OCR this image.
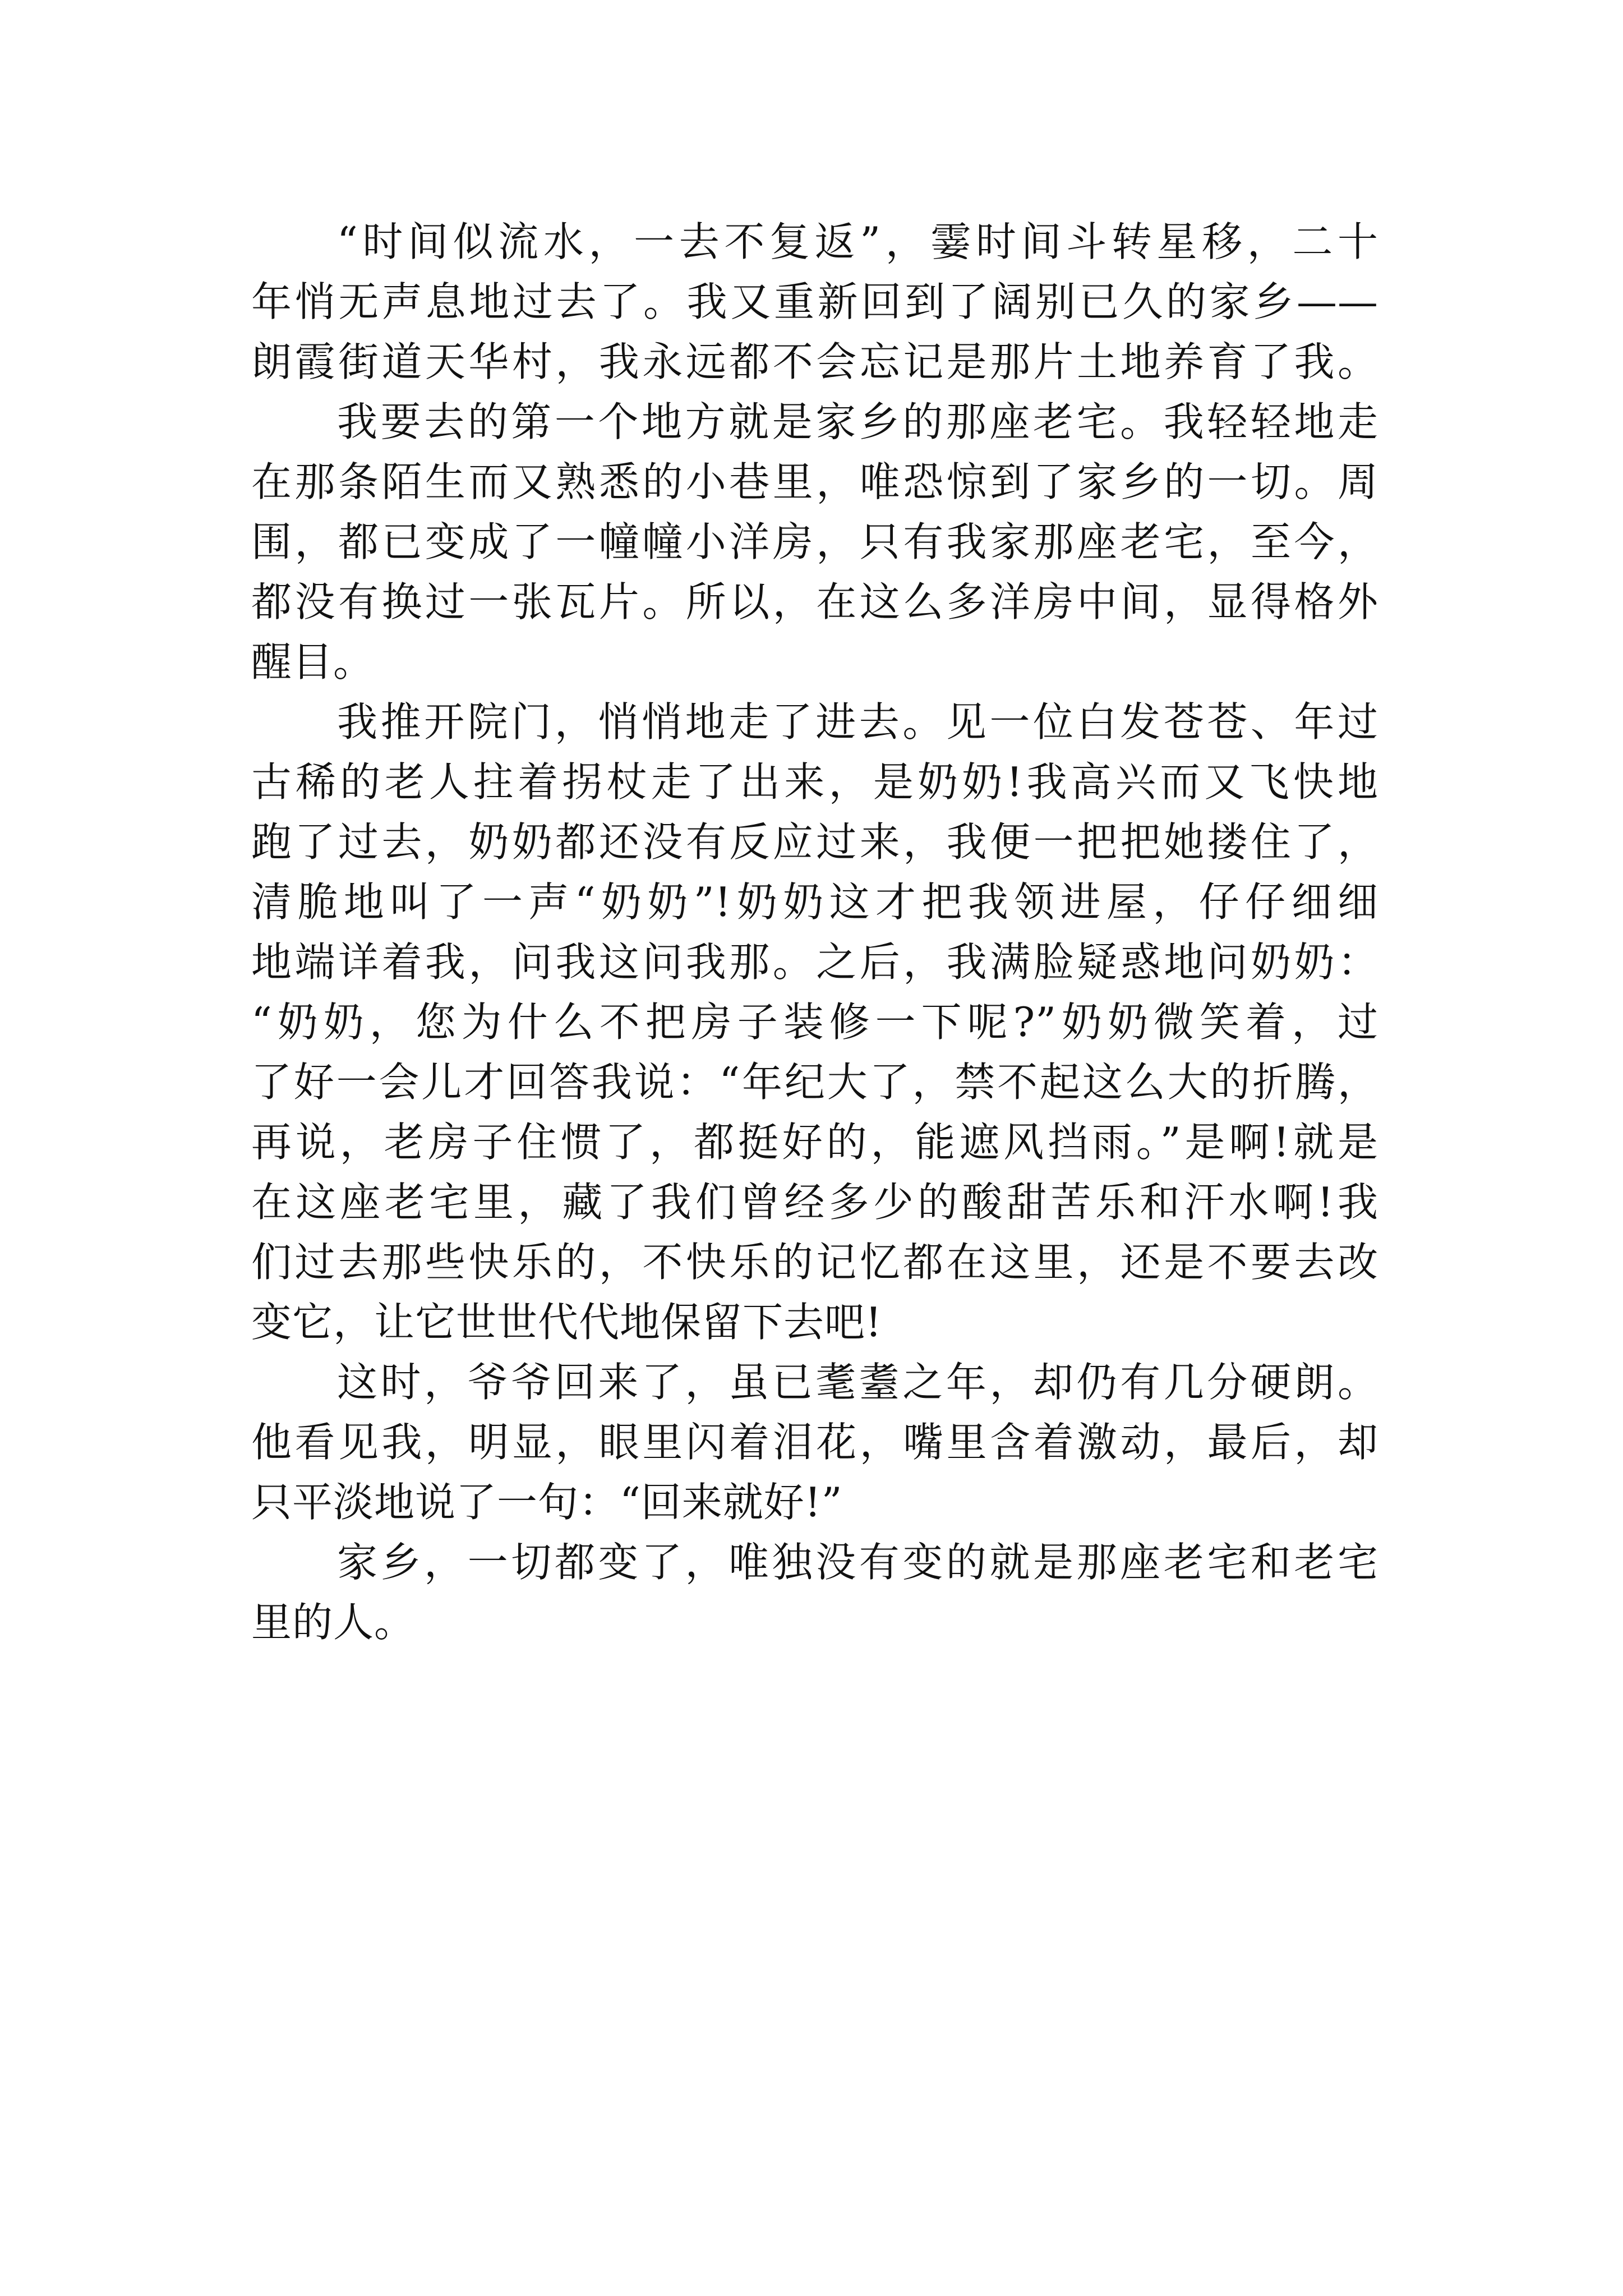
“时间似流水，一去不复返”，霎时间斗转星移，二十
年悄无声息地过去了。我又重新回到了阔别已久的家乡——
朗霞街道天华村，我永远都不会忘记是那片土地养育了我。
我要去的第一个地方就是家乡的那座老宅。我轻轻地走
在那条陌生而又熟悉的小巷里，唯恐惊到了家乡的一切。周
围，都已变成了一幢幢小洋房，只有我家那座老宅，至今，
都没有换过一张瓦片。所以，在这么多洋房中间，显得格外
醒目。
我推开院门，悄悄地走了进去。见一位白发苍苍、年过
古稀的老人拄着拐杖走了出来，是奶奶!我高兴而又飞快地
跑了过去，奶奶都还没有反应过来，我便一把把她搂住了，
清脆地叫了一声“奶奶”!奶奶这才把我领进屋，仔仔细细
地端详着我，问我这问我那。之后，我满脸疑惑地问奶奶：
“奶奶，您为什么不把房子装修一下呢?”奶奶微笑着，过
了好一会儿才回答我说：“年纪大了，禁不起这么大的折腾，
再说，老房子住惯了，都挺好的，能遮风挡雨。”是啊!就是
在这座老宅里，藏了我们曾经多少的酸甜苦乐和汗水啊!我
们过去那些快乐的，不快乐的记忆都在这里，还是不要去改
变它，让它世世代代地保留下去吧!
这时，爷爷回来了，虽已耄耋之年，却仍有几分硬朗。
他看见我，明显，眼里闪着泪花，嘴里含着激动，最后，却
只平淡地说了一句：“回来就好!”
家乡，一切都变了，唯独没有变的就是那座老宅和老宅
里的人。
